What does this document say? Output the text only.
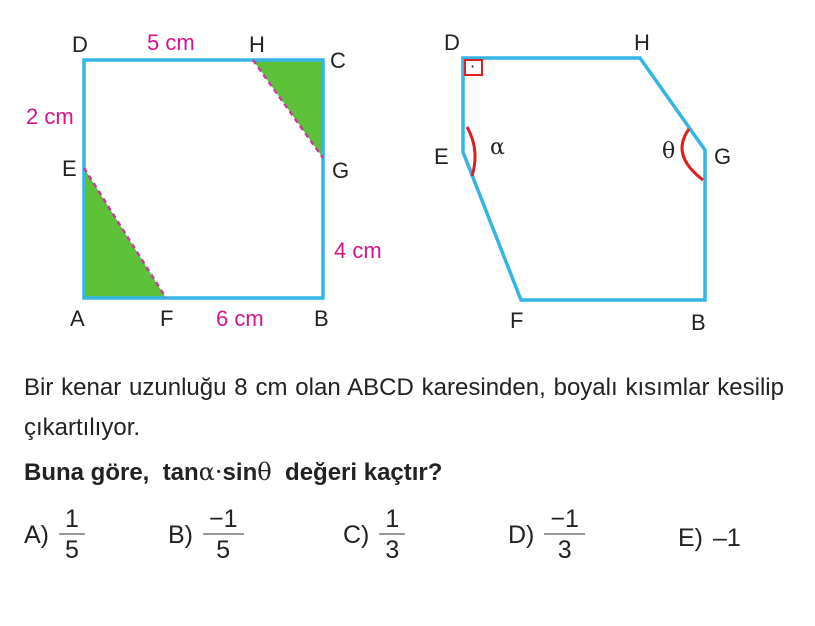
D	H
C
E	G
A	F	B
5 cm
2 cm
4 cm
6 cm
·
D	H
E	G
F	B
α	θ

Bir kenar uzunluğu 8 cm olan ABCD karesinden, boyalı kısımlar kesilip çıkartılıyor.

Buna göre, tanα·sinθ değeri kaçtır?

$A) \frac{1}{5}$	$B) \frac{-1}{5}$	$C) \frac{1}{3}$	$D) \frac{-1}{3}$	E) –1
